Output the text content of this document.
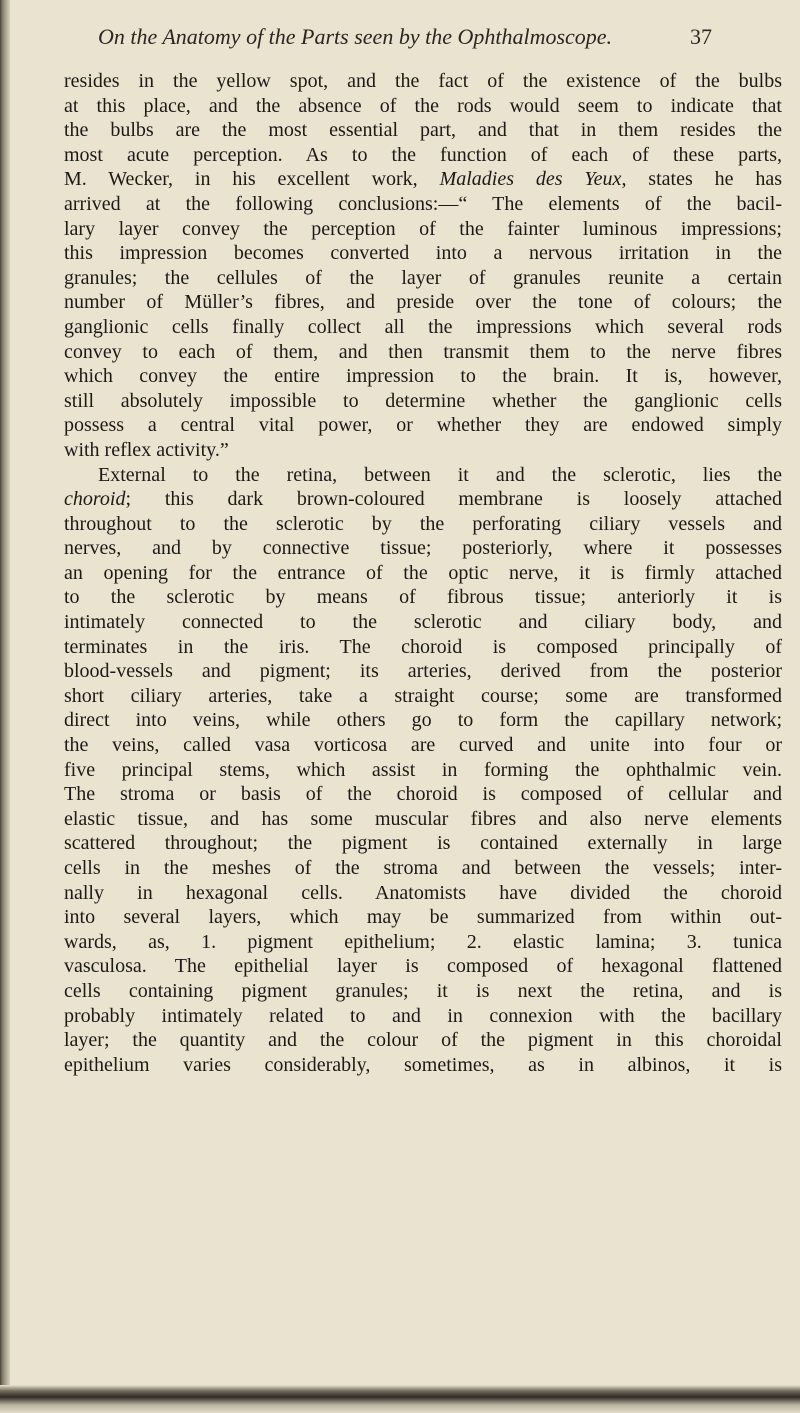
On the Anatomy of the Parts seen by the Ophthalmoscope.	37
resides in the yellow spot, and the fact of the existence of the bulbs
at this place, and the absence of the rods would seem to indicate that
the bulbs are the most essential part, and that in them resides the
most acute perception. As to the function of each of these parts,
M. Wecker, in his excellent work, Maladies des Yeux, states he has
arrived at the following conclusions:—“ The elements of the bacil-
lary layer convey the perception of the fainter luminous impressions;
this impression becomes converted into a nervous irritation in the
granules; the cellules of the layer of granules reunite a certain
number of Müller’s fibres, and preside over the tone of colours; the
ganglionic cells finally collect all the impressions which several rods
convey to each of them, and then transmit them to the nerve fibres
which convey the entire impression to the brain. It is, however,
still absolutely impossible to determine whether the ganglionic cells
possess a central vital power, or whether they are endowed simply
with reflex activity.”
External to the retina, between it and the sclerotic, lies the
choroid; this dark brown-coloured membrane is loosely attached
throughout to the sclerotic by the perforating ciliary vessels and
nerves, and by connective tissue; posteriorly, where it possesses
an opening for the entrance of the optic nerve, it is firmly attached
to the sclerotic by means of fibrous tissue; anteriorly it is
intimately connected to the sclerotic and ciliary body, and
terminates in the iris. The choroid is composed principally of
blood-vessels and pigment; its arteries, derived from the posterior
short ciliary arteries, take a straight course; some are transformed
direct into veins, while others go to form the capillary network;
the veins, called vasa vorticosa are curved and unite into four or
five principal stems, which assist in forming the ophthalmic vein.
The stroma or basis of the choroid is composed of cellular and
elastic tissue, and has some muscular fibres and also nerve elements
scattered throughout; the pigment is contained externally in large
cells in the meshes of the stroma and between the vessels; inter-
nally in hexagonal cells. Anatomists have divided the choroid
into several layers, which may be summarized from within out-
wards, as, 1. pigment epithelium; 2. elastic lamina; 3. tunica
vasculosa. The epithelial layer is composed of hexagonal flattened
cells containing pigment granules; it is next the retina, and is
probably intimately related to and in connexion with the bacillary
layer; the quantity and the colour of the pigment in this choroidal
epithelium varies considerably, sometimes, as in albinos, it is
